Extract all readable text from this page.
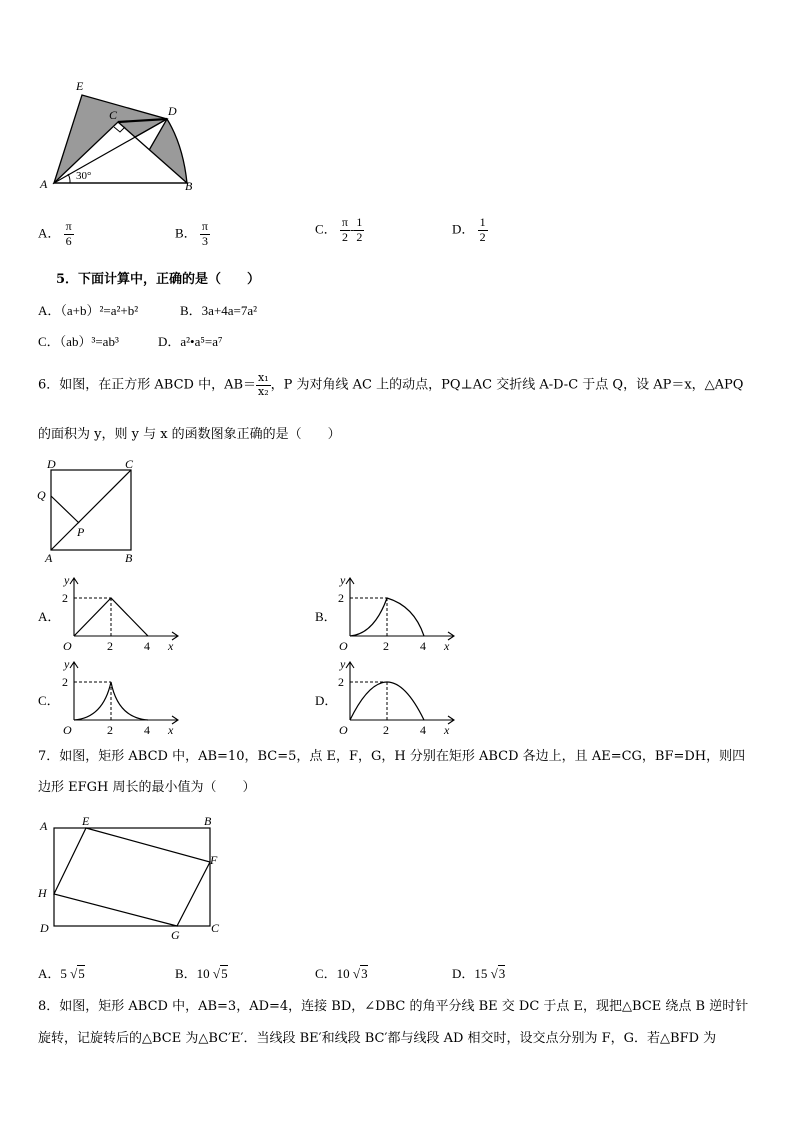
E
C	D
A	B
30°
A． $\frac{\pi}{6}$	B． $\frac{\pi}{3}$	C． $\frac{\pi}{2} - \frac{1}{2}$	D． $\frac{1}{2}$
5．下面计算中，正确的是（　　）
A．（a+b）²=a²+b²	B．3a+4a=7a²
C．（ab）³=ab³	D．a²•a⁵=a⁷
6．如图，在正方形 ABCD 中，$AB= \frac{\text{x₁}}{\text{x₂}}$ ，P 为对角线 AC 上的动点，PQ⊥AC 交折线 A-D-C 于点 Q，设 AP＝x，△APQ
的面积为 y，则 y 与 x 的函数图象正确的是（　　）
D	C
Q
P
A	B
A．
y
2
O	2	4 x
B．
y
2
O	2	4 x
C．
y
2
O	2	4 x
D．
y
2
O	2	4 x
7．如图，矩形 ABCD 中，AB=10，BC=5，点 E，F，G，H 分别在矩形 ABCD 各边上，且 AE=CG，BF=DH，则四
边形 EFGH 周长的最小值为（　　）
A	E	B
F
H
D	G	C
A．5 √5	B．10 √5	C．10 √3	D．15 √3
8．如图，矩形 ABCD 中，AB=3，AD=4，连接 BD，∠DBC 的角平分线 BE 交 DC 于点 E，现把△BCE 绕点 B 逆时针
旋转，记旋转后的△BCE 为△BC′E′．当线段 BE′和线段 BC′都与线段 AD 相交时，设交点分别为 F，G．若△BFD 为
